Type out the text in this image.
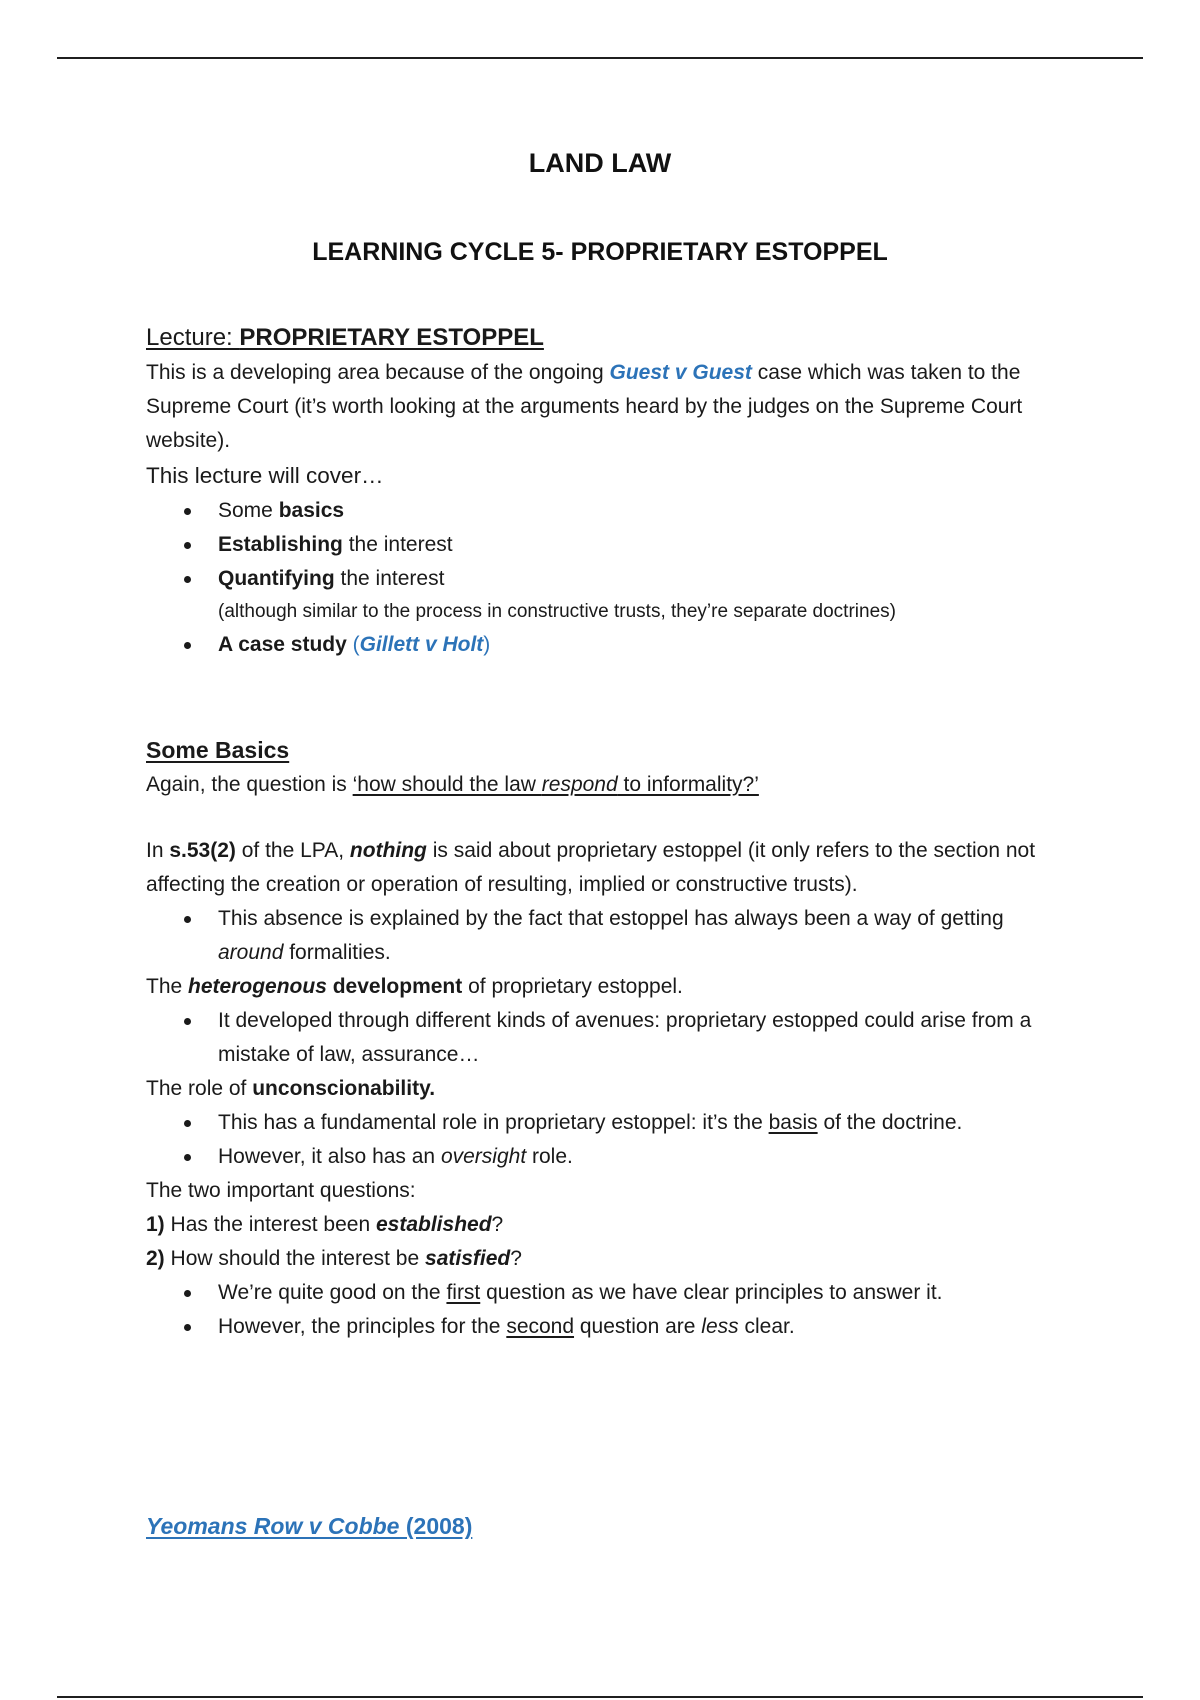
LAND LAW
LEARNING CYCLE 5- PROPRIETARY ESTOPPEL

Lecture: PROPRIETARY ESTOPPEL

This is a developing area because of the ongoing Guest v Guest case which was taken to the Supreme Court (it’s worth looking at the arguments heard by the judges on the Supreme Court website).

This lecture will cover…

Some basics
Establishing the interest
Quantifying the interest
(although similar to the process in constructive trusts, they’re separate doctrines)
A case study (Gillett v Holt)

Some Basics

Again, the question is ‘how should the law respond to informality?’

In s.53(2) of the LPA, nothing is said about proprietary estoppel (it only refers to the section not affecting the creation or operation of resulting, implied or constructive trusts).

This absence is explained by the fact that estoppel has always been a way of getting around formalities.

The heterogenous development of proprietary estoppel.

It developed through different kinds of avenues: proprietary estopped could arise from a mistake of law, assurance…

The role of unconscionability.

This has a fundamental role in proprietary estoppel: it’s the basis of the doctrine.
However, it also has an oversight role.

The two important questions:

1) Has the interest been established?

2) How should the interest be satisfied?

We’re quite good on the first question as we have clear principles to answer it.
However, the principles for the second question are less clear.
Yeomans Row v Cobbe (2008)
